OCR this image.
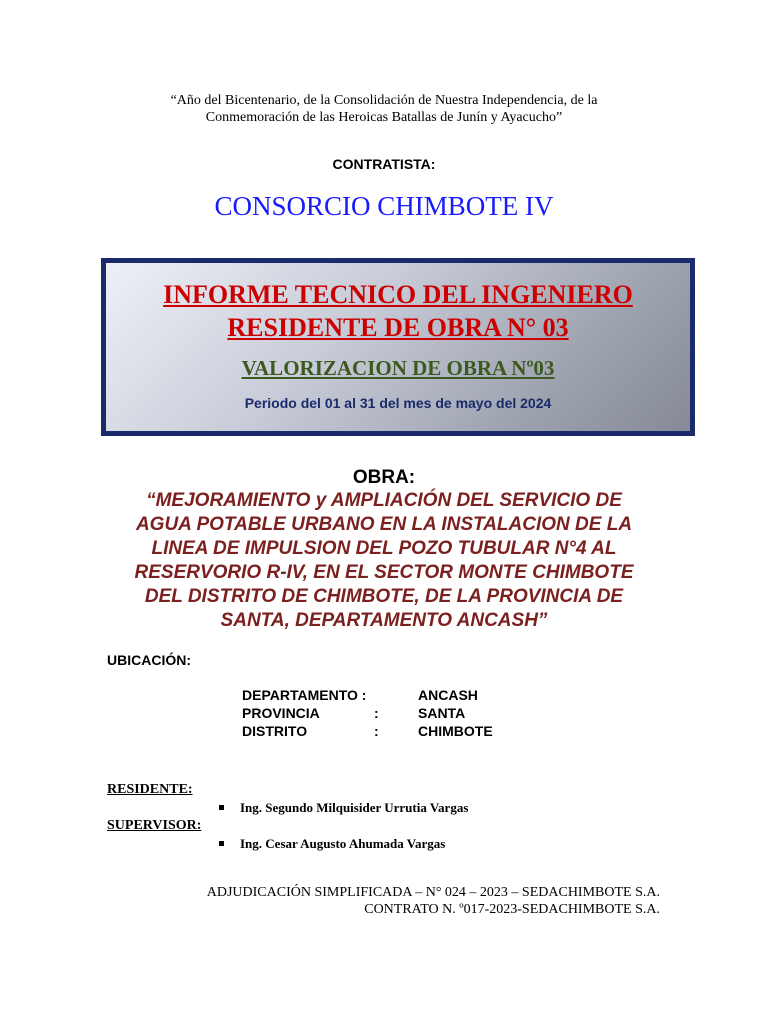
“Año del Bicentenario, de la Consolidación de Nuestra Independencia, de la
Conmemoración de las Heroicas Batallas de Junín y Ayacucho”
CONTRATISTA:
CONSORCIO CHIMBOTE IV
INFORME TECNICO DEL INGENIERO
RESIDENTE DE OBRA N° 03
VALORIZACION DE OBRA Nº03
Periodo del 01 al 31 del mes de mayo del 2024
OBRA:
“MEJORAMIENTO y AMPLIACIÓN DEL SERVICIO DE
AGUA POTABLE URBANO EN LA INSTALACION DE LA
LINEA DE IMPULSION DEL POZO TUBULAR N°4 AL
RESERVORIO R-IV, EN EL SECTOR MONTE CHIMBOTE
DEL DISTRITO DE CHIMBOTE, DE LA PROVINCIA DE
SANTA, DEPARTAMENTO ANCASH”
UBICACIÓN:
DEPARTAMENTO :	ANCASH
PROVINCIA	:	SANTA
DISTRITO	:	CHIMBOTE
RESIDENTE:
Ing. Segundo Milquisider Urrutia Vargas
SUPERVISOR:
Ing. Cesar Augusto Ahumada Vargas
ADJUDICACIÓN SIMPLIFICADA – N° 024 – 2023 – SEDACHIMBOTE S.A.
CONTRATO N. º017-2023-SEDACHIMBOTE S.A.
